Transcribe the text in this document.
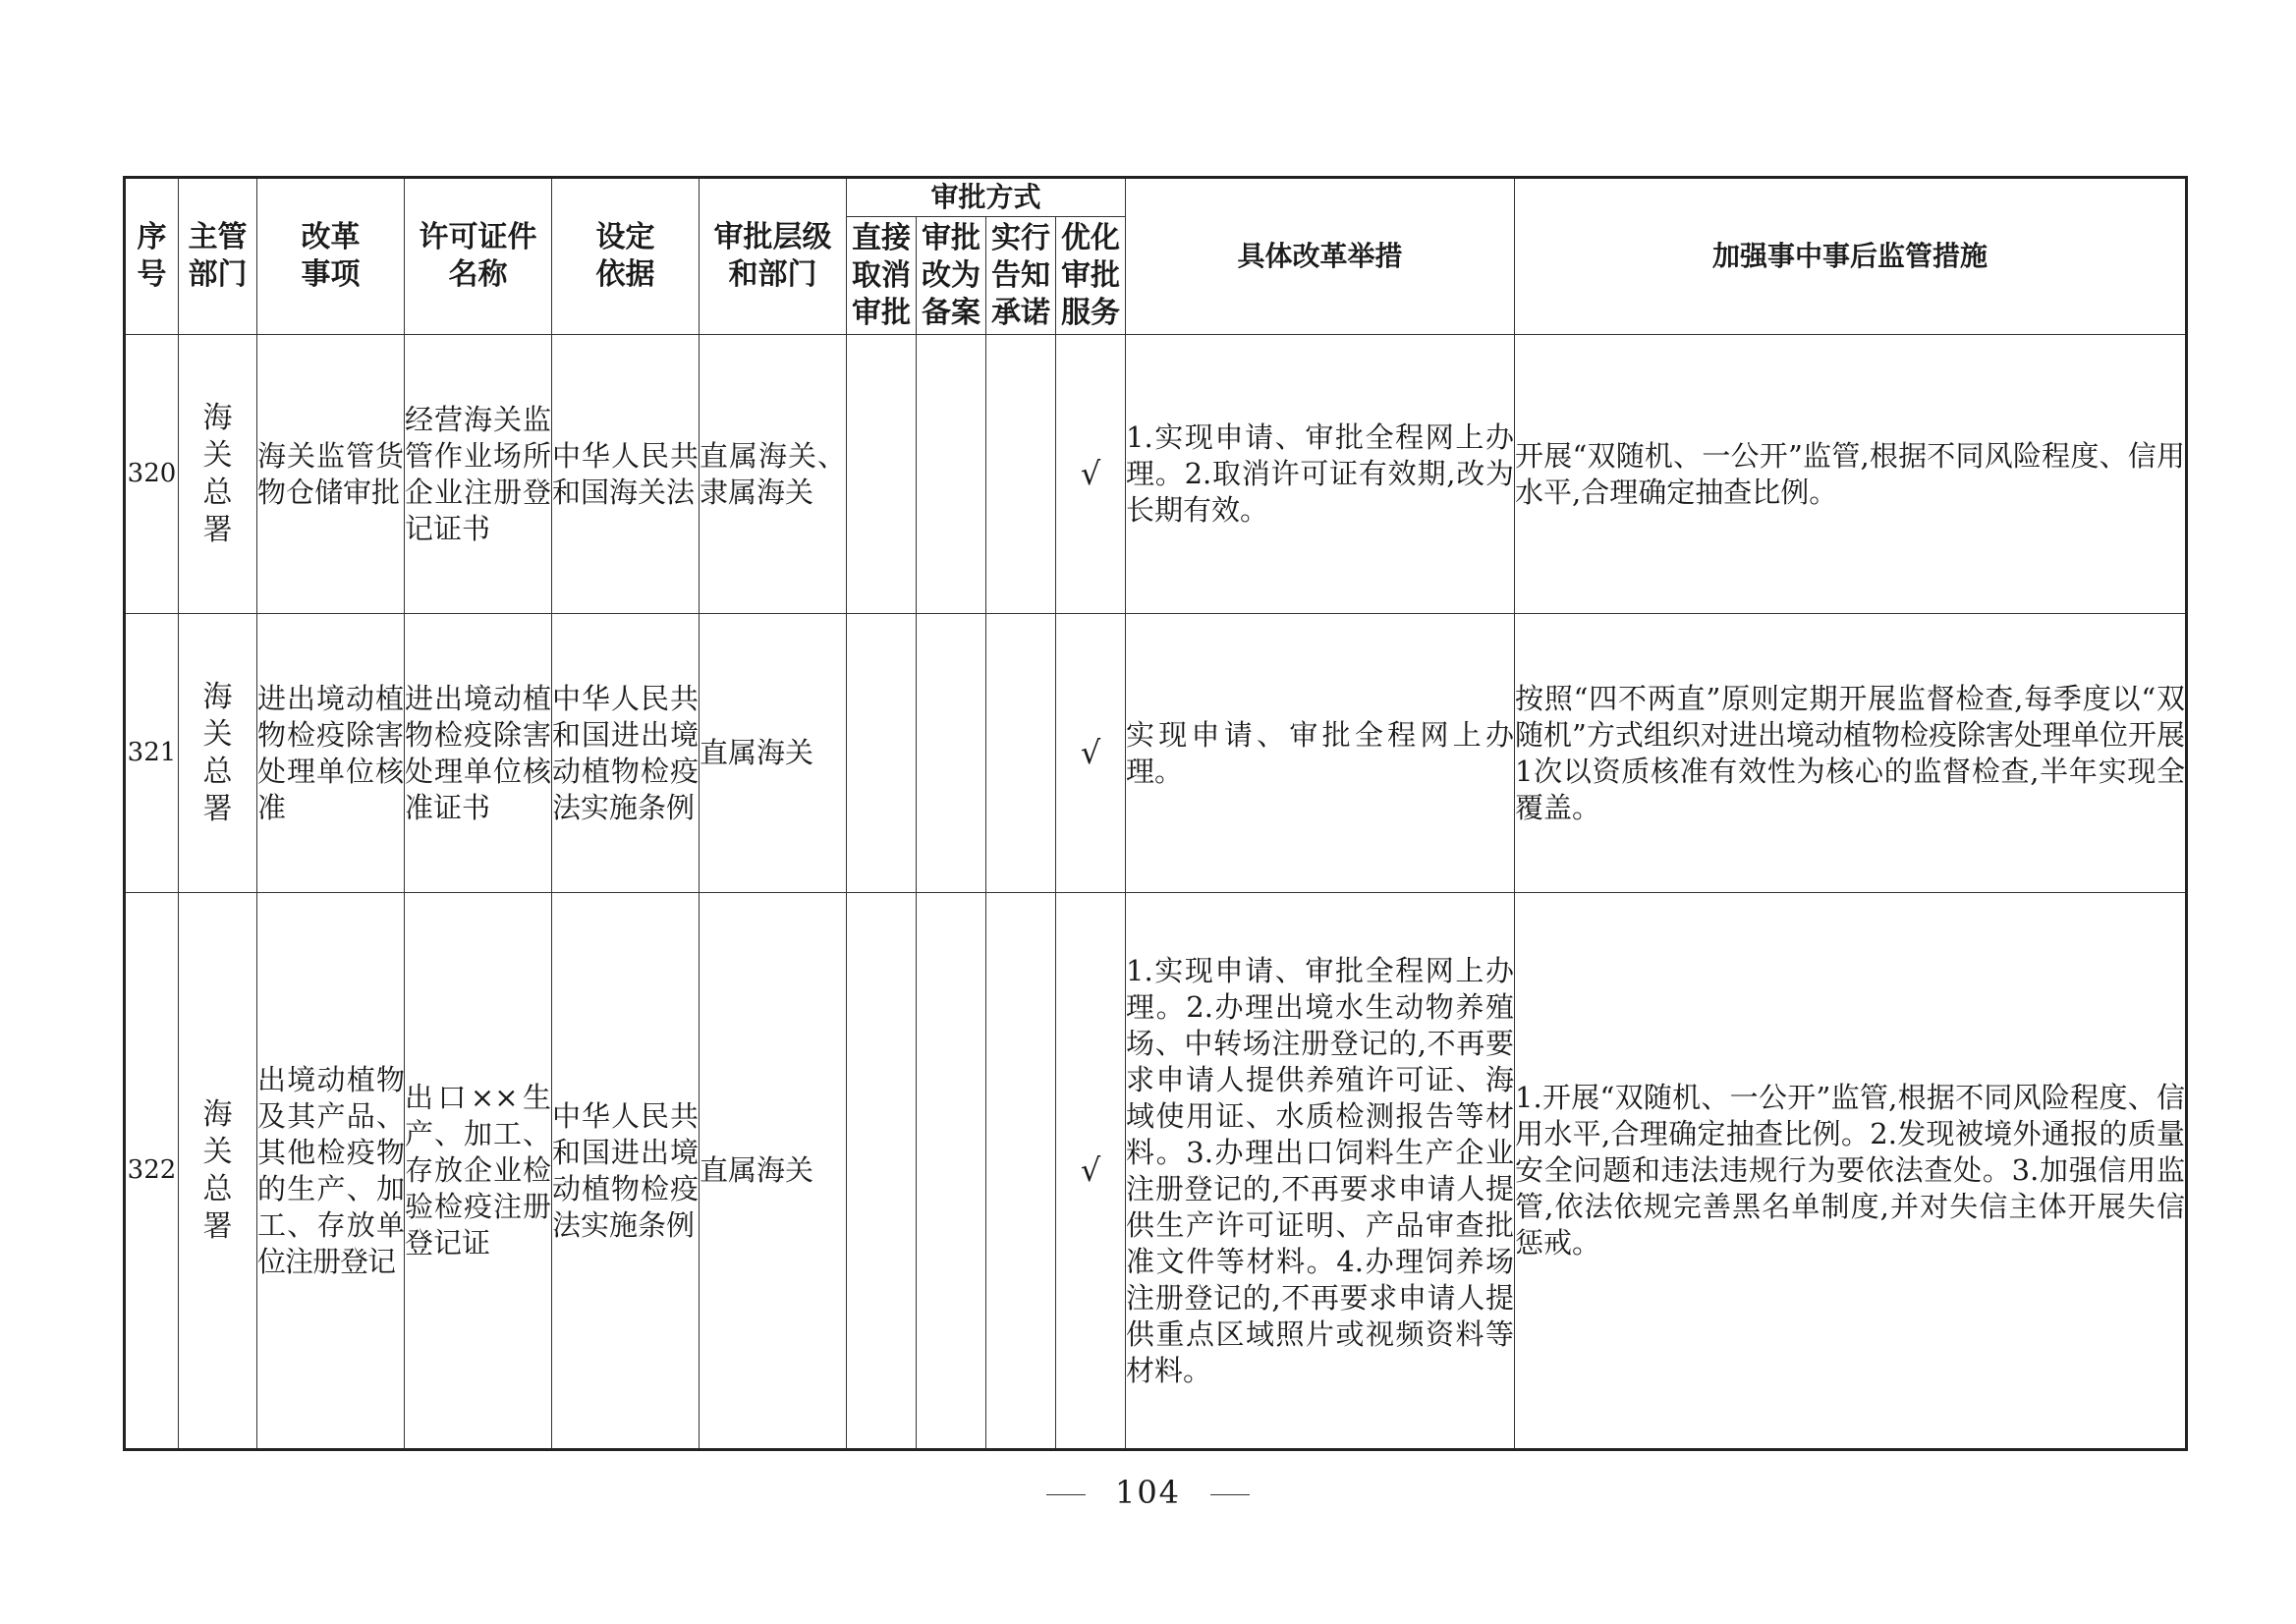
序号	主管部门	改革事项	许可证件名称	设定依据	审批层级和部门	审批方式				具体改革举措	加强事中事后监管措施
						直接取消审批	审批改为备案	实行告知承诺	优化审批服务		
320	海关总署	海关监管货物仓储审批	经营海关监管作业场所企业注册登记证书	中华人民共和国海关法	直属海关、隶属海关				√	1.实现申请、审批全程网上办理。2.取消许可证有效期,改为长期有效。	开展“双随机、一公开”监管,根据不同风险程度、信用水平,合理确定抽查比例。
321	海关总署	进出境动植物检疫除害处理单位核准	进出境动植物检疫除害处理单位核准证书	中华人民共和国进出境动植物检疫法实施条例	直属海关				√	实现申请、审批全程网上办理。	按照“四不两直”原则定期开展监督检查,每季度以“双随机”方式组织对进出境动植物检疫除害处理单位开展1次以资质核准有效性为核心的监督检查,半年实现全覆盖。
322	海关总署	出境动植物及其产品、其他检疫物的生产、加工、存放单位注册登记	出口××生产、加工、存放企业检验检疫注册登记证	中华人民共和国进出境动植物检疫法实施条例	直属海关				√	1.实现申请、审批全程网上办理。2.办理出境水生动物养殖场、中转场注册登记的,不再要求申请人提供养殖许可证、海域使用证、水质检测报告等材料。3.办理出口饲料生产企业注册登记的,不再要求申请人提供生产许可证明、产品审查批准文件等材料。4.办理饲养场注册登记的,不再要求申请人提供重点区域照片或视频资料等材料。	1.开展“双随机、一公开”监管,根据不同风险程度、信用水平,合理确定抽查比例。2.发现被境外通报的质量安全问题和违法违规行为要依法查处。3.加强信用监管,依法依规完善黑名单制度,并对失信主体开展失信惩戒。
104
